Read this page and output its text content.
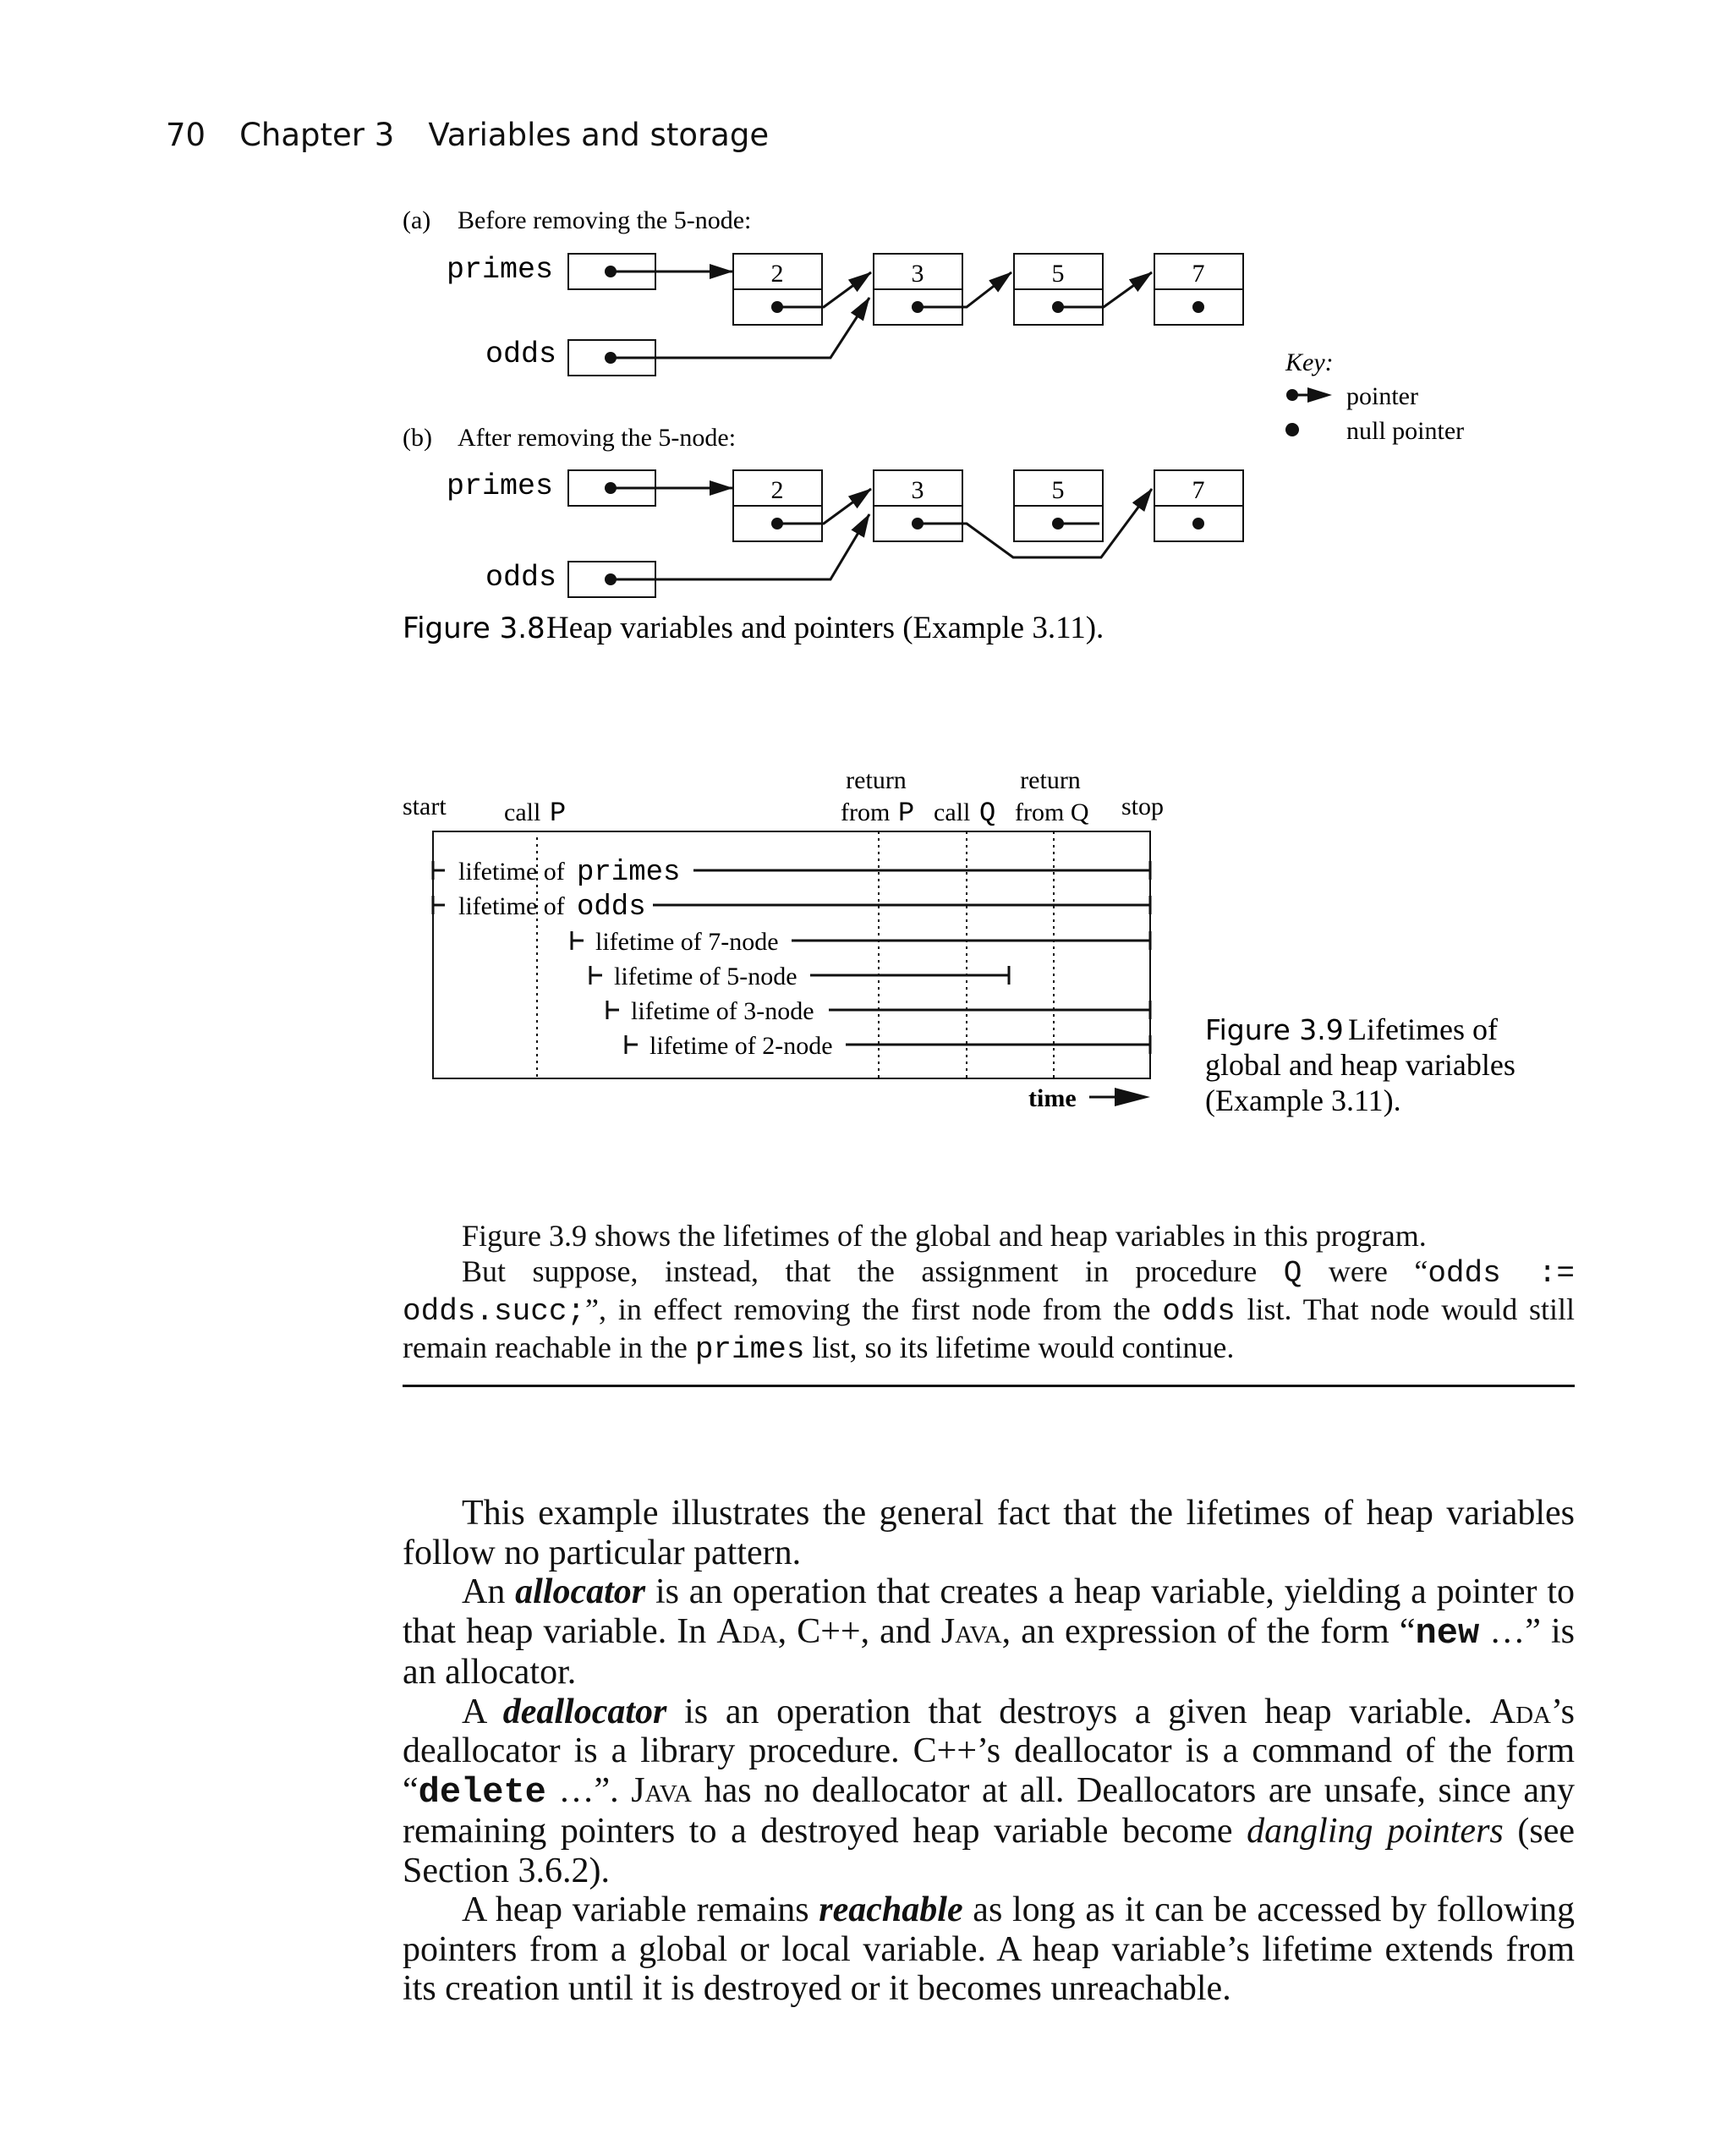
70 Chapter 3 Variables and storage
(a) Before removing the 5-node:
primes
odds
2	3	5	7
(b) After removing the 5-node:
primes
odds
2	3	5	7
Key:
pointer
null pointer
Figure 3.8 Heap variables and pointers (Example 3.11).
start call P
return
from P call Q
return
from Q stop
lifetime of primes
lifetime of odds
lifetime of 7-node
lifetime of 5-node
lifetime of 3-node
lifetime of 2-node
time
Figure 3.9 Lifetimes of
global and heap variables
(Example 3.11).

Figure 3.9 shows the lifetimes of the global and heap variables in this program.

But suppose, instead, that the assignment in procedure Q were “odds := odds.succ;”, in effect removing the first node from the odds list. That node would still remain reachable in the primes list, so its lifetime would continue.

This example illustrates the general fact that the lifetimes of heap variables follow no particular pattern.

An allocator is an operation that creates a heap variable, yielding a pointer to that heap variable. In Ada, C++, and Java, an expression of the form “new …” is an allocator.

A deallocator is an operation that destroys a given heap variable. Ada’s deallocator is a library procedure. C++’s deallocator is a command of the form “delete …”. Java has no deallocator at all. Deallocators are unsafe, since any remaining pointers to a destroyed heap variable become dangling pointers (see Section 3.6.2).

A heap variable remains reachable as long as it can be accessed by following pointers from a global or local variable. A heap variable’s lifetime extends from its creation until it is destroyed or it becomes unreachable.
